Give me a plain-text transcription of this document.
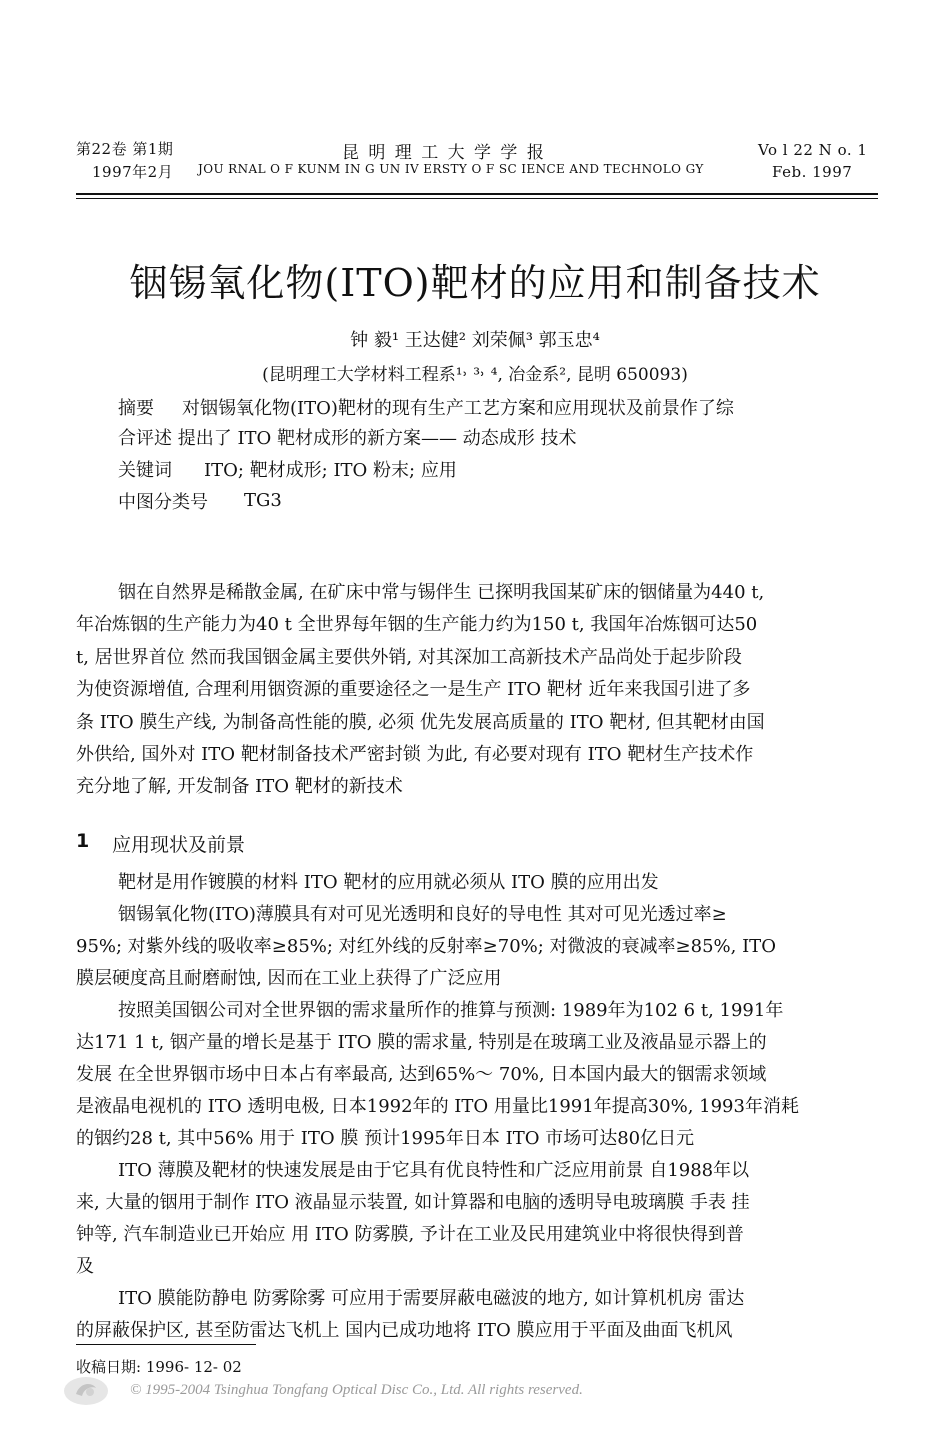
第22卷 第1期
1997年2月
昆 明 理 工 大 学 学 报
JOU RNAL O F KUNM IN G UN IV ERSTY O F SC IENCE AND TECHNOLO GY
Vo l 22 N o. 1
Feb. 1997
铟锡氧化物(ITO)靶材的应用和制备技术
钟 毅¹ 王达健² 刘荣佩³ 郭玉忠⁴
(昆明理工大学材料工程系¹˒ ³˒ ⁴, 冶金系², 昆明 650093)
摘要 对铟锡氧化物(ITO)靶材的现有生产工艺方案和应用现状及前景作了综
合评述 提出了 ITO 靶材成形的新方案—— 动态成形 技术
关键词 ITO; 靶材成形; ITO 粉末; 应用
中图分类号 TG3
铟在自然界是稀散金属, 在矿床中常与锡伴生 已探明我国某矿床的铟储量为440 t,
年冶炼铟的生产能力为40 t 全世界每年铟的生产能力约为150 t, 我国年冶炼铟可达50
t, 居世界首位 然而我国铟金属主要供外销, 对其深加工高新技术产品尚处于起步阶段
为使资源增值, 合理利用铟资源的重要途径之一是生产 ITO 靶材 近年来我国引进了多
条 ITO 膜生产线, 为制备高性能的膜, 必须 优先发展高质量的 ITO 靶材, 但其靶材由国
外供给, 国外对 ITO 靶材制备技术严密封锁 为此, 有必要对现有 ITO 靶材生产技术作
充分地了解, 开发制备 ITO 靶材的新技术
1 应用现状及前景
靶材是用作镀膜的材料 ITO 靶材的应用就必须从 ITO 膜的应用出发
铟锡氧化物(ITO)薄膜具有对可见光透明和良好的导电性 其对可见光透过率≥
95%; 对紫外线的吸收率≥85%; 对红外线的反射率≥70%; 对微波的衰减率≥85%, ITO
膜层硬度高且耐磨耐蚀, 因而在工业上获得了广泛应用
按照美国铟公司对全世界铟的需求量所作的推算与预测: 1989年为102 6 t, 1991年
达171 1 t, 铟产量的增长是基于 ITO 膜的需求量, 特别是在玻璃工业及液晶显示器上的
发展 在全世界铟市场中日本占有率最高, 达到65%～ 70%, 日本国内最大的铟需求领域
是液晶电视机的 ITO 透明电极, 日本1992年的 ITO 用量比1991年提高30%, 1993年消耗
的铟约28 t, 其中56% 用于 ITO 膜 预计1995年日本 ITO 市场可达80亿日元
ITO 薄膜及靶材的快速发展是由于它具有优良特性和广泛应用前景 自1988年以
来, 大量的铟用于制作 ITO 液晶显示装置, 如计算器和电脑的透明导电玻璃膜 手表 挂
钟等, 汽车制造业已开始应 用 ITO 防雾膜, 予计在工业及民用建筑业中将很快得到普
及
ITO 膜能防静电 防雾除雾 可应用于需要屏蔽电磁波的地方, 如计算机机房 雷达
的屏蔽保护区, 甚至防雷达飞机上 国内已成功地将 ITO 膜应用于平面及曲面飞机风
收稿日期: 1996- 12- 02
© 1995-2004 Tsinghua Tongfang Optical Disc Co., Ltd. All rights reserved.
